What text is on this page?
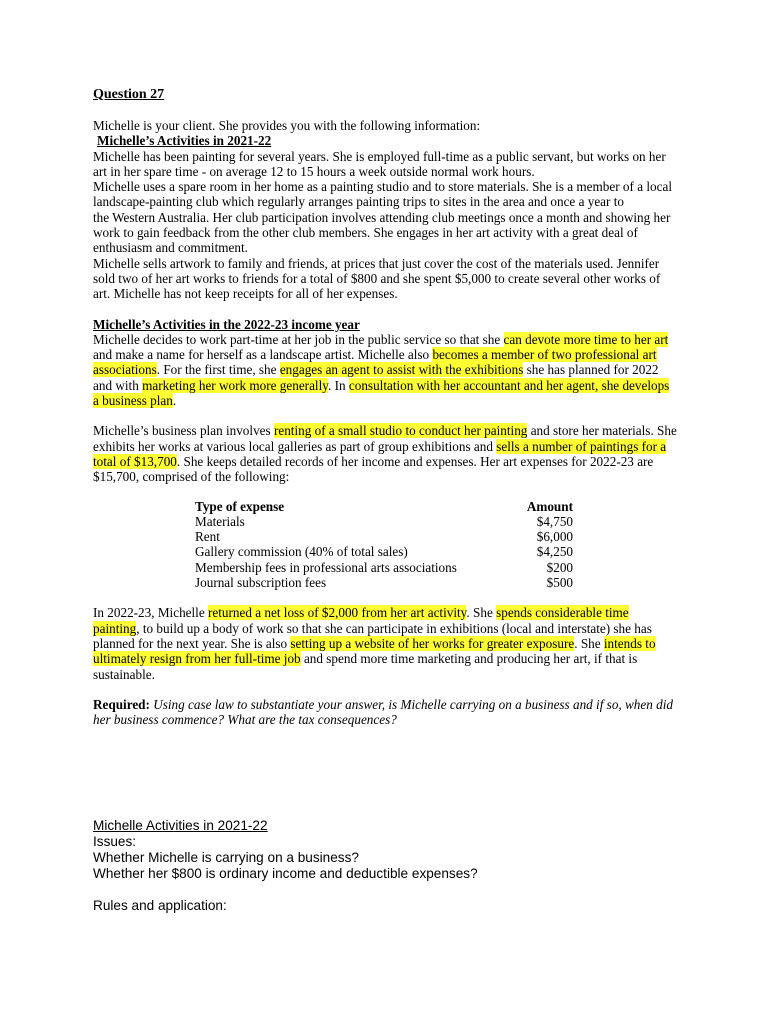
Question 27

Michelle is your client. She provides you with the following information:

Michelle’s Activities in 2021-22

Michelle has been painting for several years. She is employed full-time as a public servant, but works on her art in her spare time - on average 12 to 15 hours a week outside normal work hours.

Michelle uses a spare room in her home as a painting studio and to store materials. She is a member of a local landscape-painting club which regularly arranges painting trips to sites in the area and once a year to

the Western Australia. Her club participation involves attending club meetings once a month and showing her work to gain feedback from the other club members. She engages in her art activity with a great deal of enthusiasm and commitment.

Michelle sells artwork to family and friends, at prices that just cover the cost of the materials used. Jennifer sold two of her art works to friends for a total of $800 and she spent $5,000 to create several other works of art. Michelle has not keep receipts for all of her expenses.

Michelle’s Activities in the 2022-23 income year

Michelle decides to work part-time at her job in the public service so that she can devote more time to her art and make a name for herself as a landscape artist. Michelle also becomes a member of two professional art associations. For the first time, she engages an agent to assist with the exhibitions she has planned for 2022 and with marketing her work more generally. In consultation with her accountant and her agent, she develops a business plan.

Michelle’s business plan involves renting of a small studio to conduct her painting and store her materials. She exhibits her works at various local galleries as part of group exhibitions and sells a number of paintings for a total of $13,700. She keeps detailed records of her income and expenses. Her art expenses for 2022-23 are $15,700, comprised of the following:

Type of expense	Amount
Materials	$4,750
Rent	$6,000
Gallery commission (40% of total sales)	$4,250
Membership fees in professional arts associations	$200
Journal subscription fees	$500

In 2022-23, Michelle returned a net loss of $2,000 from her art activity. She spends considerable time painting, to build up a body of work so that she can participate in exhibitions (local and interstate) she has planned for the next year. She is also setting up a website of her works for greater exposure. She intends to ultimately resign from her full-time job and spend more time marketing and producing her art, if that is sustainable.

Required: Using case law to substantiate your answer, is Michelle carrying on a business and if so, when did her business commence? What are the tax consequences?

Michelle Activities in 2021-22

Issues:

Whether Michelle is carrying on a business?

Whether her $800 is ordinary income and deductible expenses?

Rules and application:
